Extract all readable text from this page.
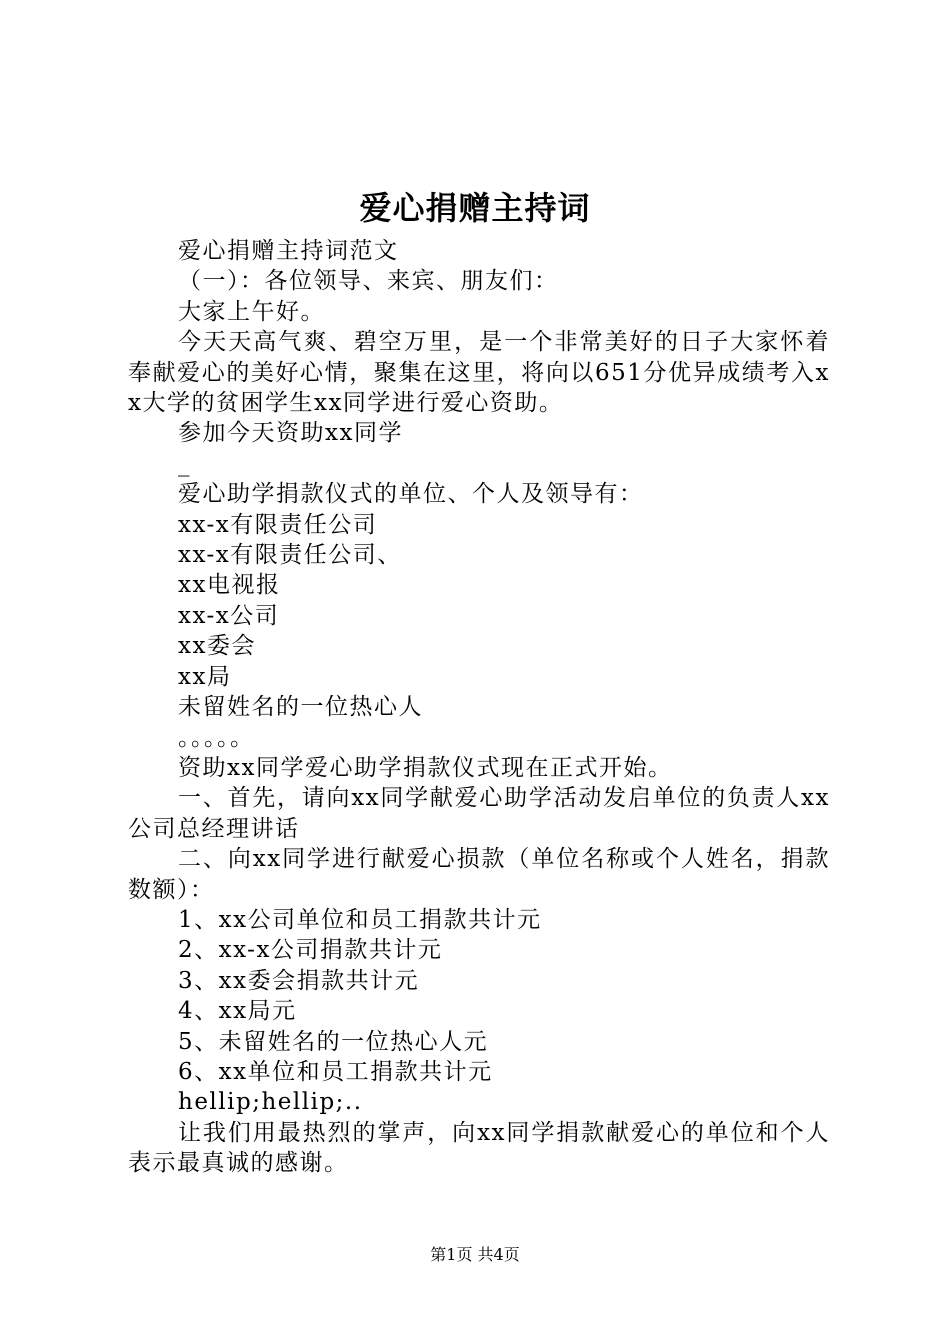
爱心捐赠主持词

爱心捐赠主持词范文

（一）：各位领导、来宾、朋友们：

大家上午好。

今天天高气爽、碧空万里，是一个非常美好的日子大家怀着奉献爱心的美好心情，聚集在这里，将向以651分优异成绩考入xx大学的贫困学生xx同学进行爱心资助。

参加今天资助xx同学

_

爱心助学捐款仪式的单位、个人及领导有：

xx-x有限责任公司

xx-x有限责任公司、

xx电视报

xx-x公司

xx委会

xx局

未留姓名的一位热心人

。。。。。

资助xx同学爱心助学捐款仪式现在正式开始。

一、首先，请向xx同学献爱心助学活动发启单位的负责人xx公司总经理讲话

二、向xx同学进行献爱心损款（单位名称或个人姓名，捐款数额）：

1、xx公司单位和员工捐款共计元

2、xx-x公司捐款共计元

3、xx委会捐款共计元

4、xx局元

5、未留姓名的一位热心人元

6、xx单位和员工捐款共计元

hellip;hellip;..

让我们用最热烈的掌声，向xx同学捐款献爱心的单位和个人表示最真诚的感谢。

第1页 共4页
